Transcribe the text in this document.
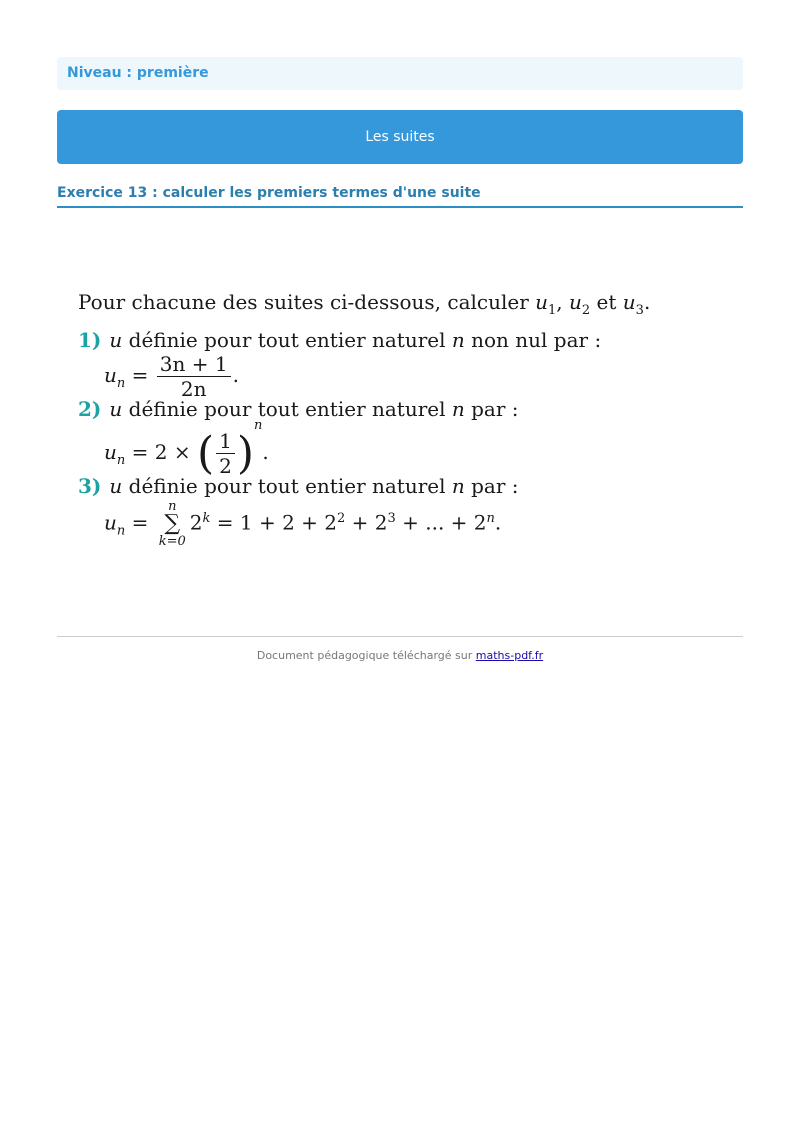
Niveau : première
Les suites
Exercice 13 : calculer les premiers termes d'une suite
Pour chacune des suites ci-dessous, calculer $u_1$, $u_2$ et $u_3$.
1) u définie pour tout entier naturel n non nul par :
$u_n = \frac{3n + 1}{2n}$ .
2) u définie pour tout entier naturel n par :
$u_n = 2$ × ( $\frac{1}{2} )^n$.
3) u définie pour tout entier naturel n par :
$u_n$ =
n
∑
k=0
$2^k = 1 + 2 + 2^2 + 2^3$ + ... + $2^n$.
Document pédagogique téléchargé sur maths-pdf.fr
